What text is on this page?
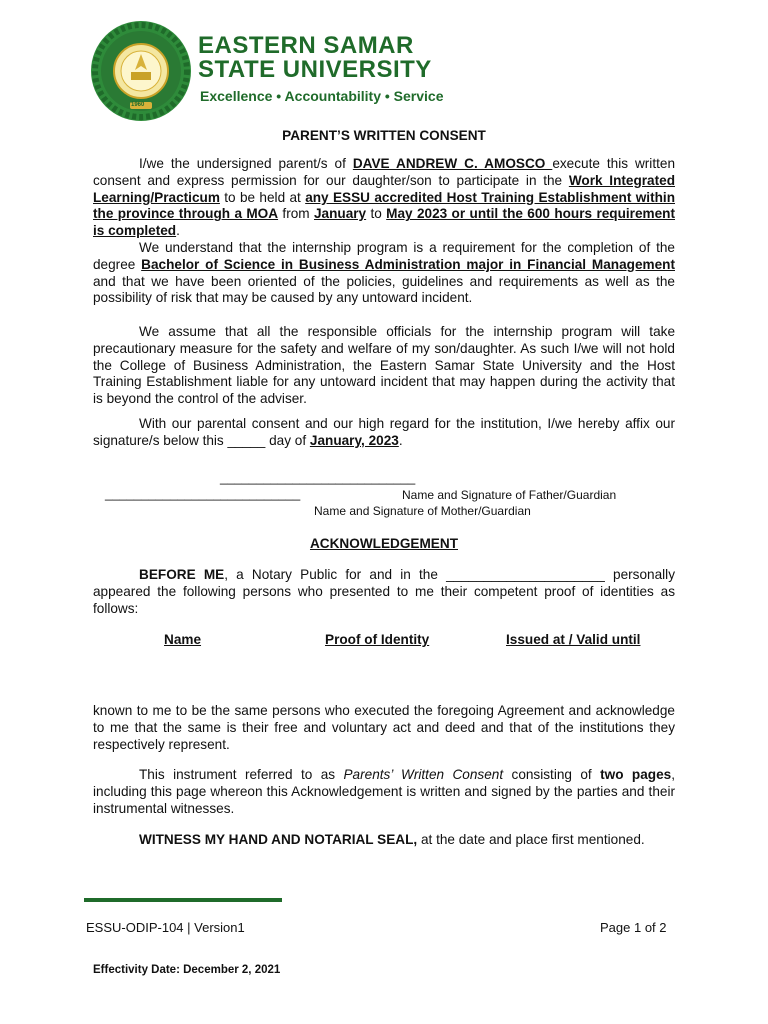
1960
EASTERN SAMAR
STATE UNIVERSITY
Excellence • Accountability • Service
PARENT’S WRITTEN CONSENT
I/we the undersigned parent/s of DAVE ANDREW C. AMOSCO execute this written consent and express permission for our daughter/son to participate in the Work Integrated Learning/Practicum to be held at any ESSU accredited Host Training Establishment within the province through a MOA from January to May 2023 or until the 600 hours requirement is completed.
We understand that the internship program is a requirement for the completion of the degree Bachelor of Science in Business Administration major in Financial Management and that we have been oriented of the policies, guidelines and requirements as well as the possibility of risk that may be caused by any untoward incident.
We assume that all the responsible officials for the internship program will take precautionary measure for the safety and welfare of my son/daughter. As such I/we will not hold the College of Business Administration, the Eastern Samar State University and the Host Training Establishment liable for any untoward incident that may happen during the activity that is beyond the control of the adviser.
With our parental consent and our high regard for the institution, I/we hereby affix our signature/s below this _____ day of January, 2023.
___________________________
___________________________	Name and Signature of Father/Guardian
Name and Signature of Mother/Guardian
ACKNOWLEDGEMENT
BEFORE ME, a Notary Public for and in the _____________________ personally appeared the following persons who presented to me their competent proof of identities as follows:
Name	Proof of Identity	Issued at / Valid until
known to me to be the same persons who executed the foregoing Agreement and acknowledge to me that the same is their free and voluntary act and deed and that of the institutions they respectively represent.
This instrument referred to as Parents’ Written Consent consisting of two pages, including this page whereon this Acknowledgement is written and signed by the parties and their instrumental witnesses.
WITNESS MY HAND AND NOTARIAL SEAL, at the date and place first mentioned.
ESSU-ODIP-104 | Version1	Page 1 of 2
Effectivity Date: December 2, 2021
